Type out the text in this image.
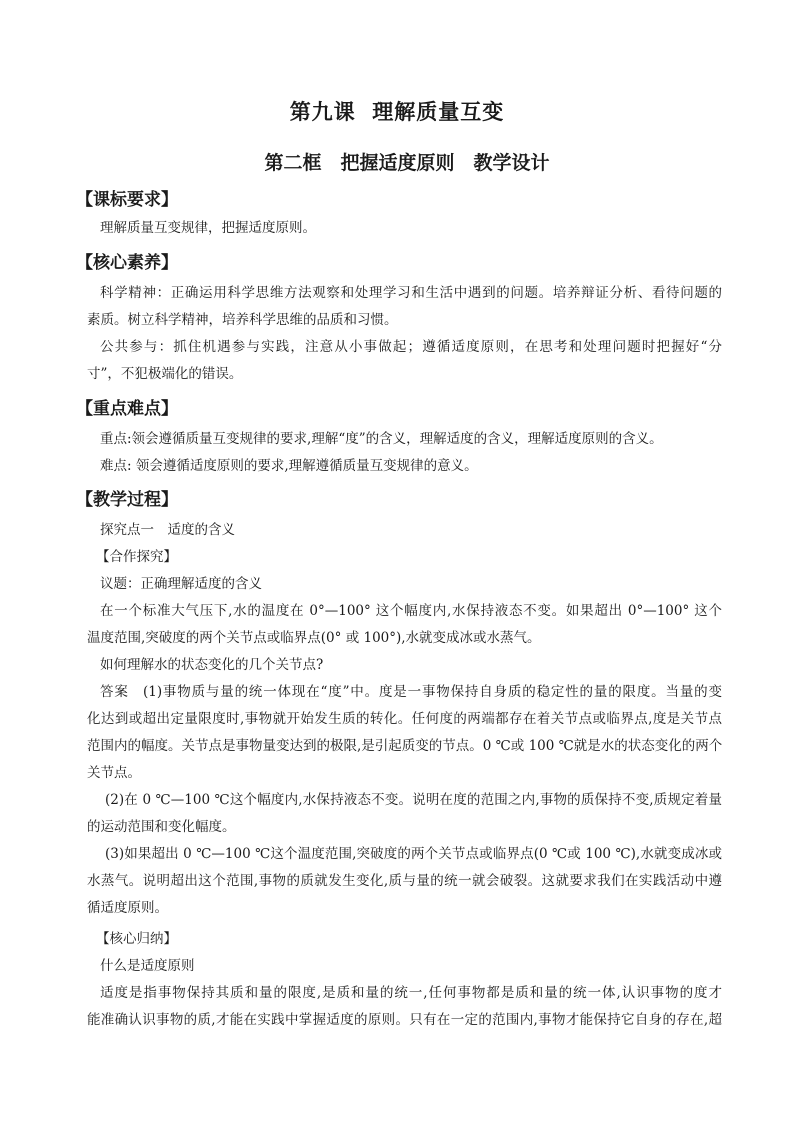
第九课  理解质量互变
第二框　把握适度原则　教学设计
【课标要求】
理解质量互变规律，把握适度原则。
【核心素养】
科学精神：正确运用科学思维方法观察和处理学习和生活中遇到的问题。培养辩证分析、看待问题的
素质。树立科学精神，培养科学思维的品质和习惯。
公共参与：抓住机遇参与实践，注意从小事做起；遵循适度原则，在思考和处理问题时把握好“分
寸”，不犯极端化的错误。
【重点难点】
重点:领会遵循质量互变规律的要求,理解“度”的含义，理解适度的含义，理解适度原则的含义。
难点: 领会遵循适度原则的要求,理解遵循质量互变规律的意义。
【教学过程】
探究点一　适度的含义
【合作探究】
议题：正确理解适度的含义
在一个标准大气压下,水的温度在 0°—100° 这个幅度内,水保持液态不变。如果超出 0°—100° 这个
温度范围,突破度的两个关节点或临界点(0° 或 100°),水就变成冰或水蒸气。
如何理解水的状态变化的几个关节点?
答案　(1)事物质与量的统一体现在“度”中。度是一事物保持自身质的稳定性的量的限度。当量的变
化达到或超出定量限度时,事物就开始发生质的转化。任何度的两端都存在着关节点或临界点,度是关节点
范围内的幅度。关节点是事物量变达到的极限,是引起质变的节点。0 ℃或 100 ℃就是水的状态变化的两个
关节点。
(2)在 0 ℃—100 ℃这个幅度内,水保持液态不变。说明在度的范围之内,事物的质保持不变,质规定着量
的运动范围和变化幅度。
(3)如果超出 0 ℃—100 ℃这个温度范围,突破度的两个关节点或临界点(0 ℃或 100 ℃),水就变成冰或
水蒸气。说明超出这个范围,事物的质就发生变化,质与量的统一就会破裂。这就要求我们在实践活动中遵
循适度原则。
【核心归纳】
什么是适度原则
适度是指事物保持其质和量的限度,是质和量的统一,任何事物都是质和量的统一体,认识事物的度才
能准确认识事物的质,才能在实践中掌握适度的原则。只有在一定的范围内,事物才能保持它自身的存在,超
